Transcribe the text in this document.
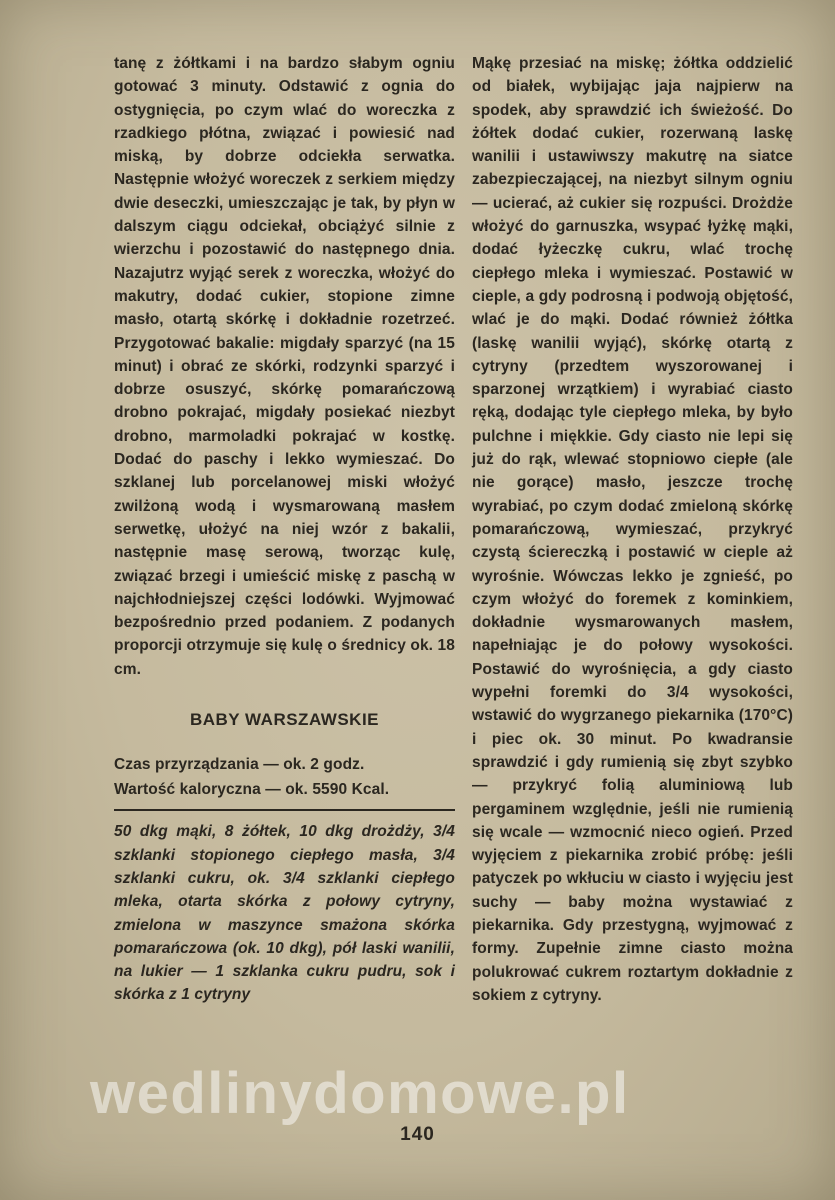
tanę z żółtkami i na bardzo słabym ogniu gotować 3 minuty. Odstawić z ognia do ostygnięcia, po czym wlać do woreczka z rzadkiego płótna, związać i powiesić nad miską, by dobrze odciekła serwatka. Następnie włożyć woreczek z serkiem między dwie deseczki, umieszczając je tak, by płyn w dalszym ciągu odciekał, obciążyć silnie z wierzchu i pozostawić do następnego dnia. Nazajutrz wyjąć serek z woreczka, włożyć do makutry, dodać cukier, stopione zimne masło, otartą skórkę i dokładnie rozetrzeć. Przygotować bakalie: migdały sparzyć (na 15 minut) i obrać ze skórki, rodzynki sparzyć i dobrze osuszyć, skórkę pomarańczową drobno pokrajać, migdały posiekać niezbyt drobno, marmoladki pokrajać w kostkę. Dodać do paschy i lekko wymieszać. Do szklanej lub porcelanowej miski włożyć zwilżoną wodą i wysmarowaną masłem serwetkę, ułożyć na niej wzór z bakalii, następnie masę serową, tworząc kulę, związać brzegi i umieścić miskę z paschą w najchłodniejszej części lodówki. Wyjmować bezpośrednio przed podaniem. Z podanych proporcji otrzymuje się kulę o średnicy ok. 18 cm.

BABY WARSZAWSKIE

Czas przyrządzania — ok. 2 godz.

Wartość kaloryczna — ok. 5590 Kcal.

50 dkg mąki, 8 żółtek, 10 dkg drożdży, 3/4 szklanki stopionego ciepłego masła, 3/4 szklanki cukru, ok. 3/4 szklanki ciepłego mleka, otarta skórka z połowy cytryny, zmielona w maszynce smażona skórka pomarańczowa (ok. 10 dkg), pół laski wanilii, na lukier — 1 szklanka cukru pudru, sok i skórka z 1 cytryny

Mąkę przesiać na miskę; żółtka oddzielić od białek, wybijając jaja najpierw na spodek, aby sprawdzić ich świeżość. Do żółtek dodać cukier, rozerwaną laskę wanilii i ustawiwszy makutrę na siatce zabezpieczającej, na niezbyt silnym ogniu — ucierać, aż cukier się rozpuści. Drożdże włożyć do garnuszka, wsypać łyżkę mąki, dodać łyżeczkę cukru, wlać trochę ciepłego mleka i wymieszać. Postawić w cieple, a gdy podrosną i podwoją objętość, wlać je do mąki. Dodać również żółtka (laskę wanilii wyjąć), skórkę otartą z cytryny (przedtem wyszorowanej i sparzonej wrzątkiem) i wyrabiać ciasto ręką, dodając tyle ciepłego mleka, by było pulchne i miękkie. Gdy ciasto nie lepi się już do rąk, wlewać stopniowo ciepłe (ale nie gorące) masło, jeszcze trochę wyrabiać, po czym dodać zmieloną skórkę pomarańczową, wymieszać, przykryć czystą ściereczką i postawić w cieple aż wyrośnie. Wówczas lekko je zgnieść, po czym włożyć do foremek z kominkiem, dokładnie wysmarowanych masłem, napełniając je do połowy wysokości. Postawić do wyrośnięcia, a gdy ciasto wypełni foremki do 3/4 wysokości, wstawić do wygrzanego piekarnika (170°C) i piec ok. 30 minut. Po kwadransie sprawdzić i gdy rumienią się zbyt szybko — przykryć folią aluminiową lub pergaminem względnie, jeśli nie rumienią się wcale — wzmocnić nieco ogień. Przed wyjęciem z piekarnika zrobić próbę: jeśli patyczek po wkłuciu w ciasto i wyjęciu jest suchy — baby można wystawiać z piekarnika. Gdy przestygną, wyjmować z formy. Zupełnie zimne ciasto można polukrować cukrem roztartym dokładnie z sokiem z cytryny.

wedlinydomowe.pl
140
